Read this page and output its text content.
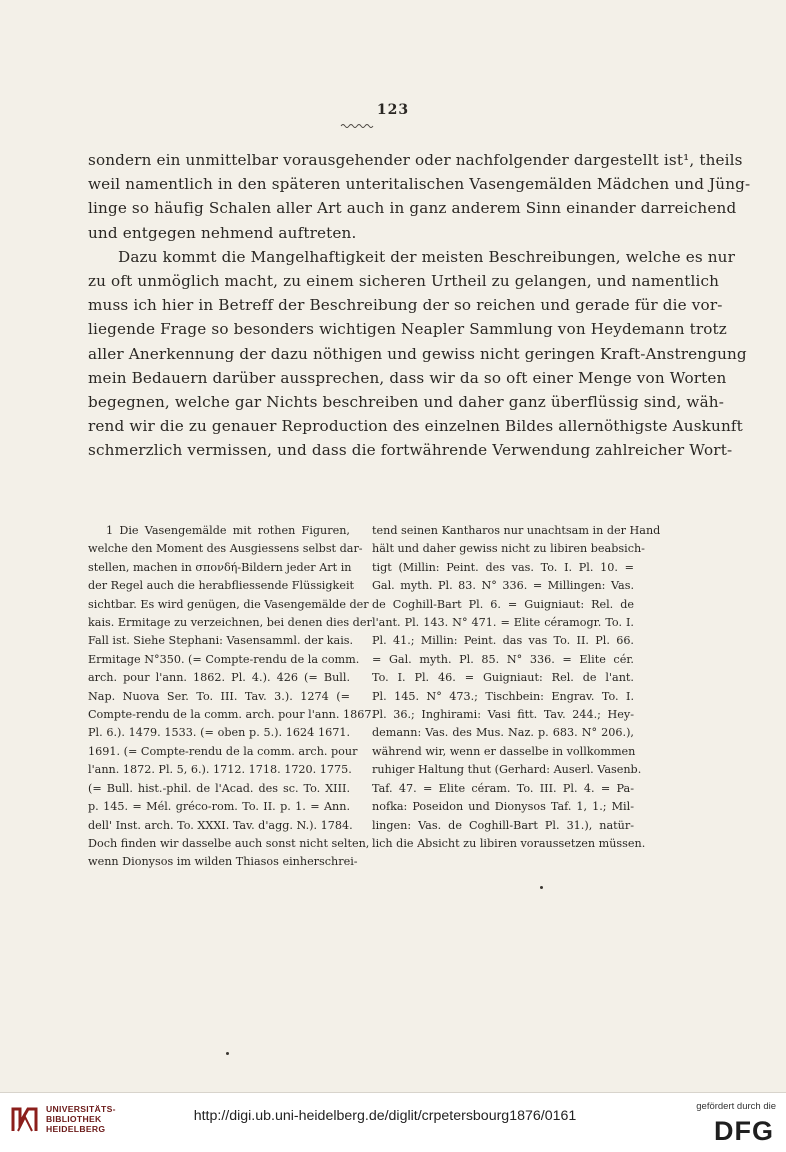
123
sondern ein unmittelbar vorausgehender oder nachfolgender dargestellt ist¹, theils
weil namentlich in den späteren unteritalischen Vasengemälden Mädchen und Jüng-
linge so häufig Schalen aller Art auch in ganz anderem Sinn einander darreichend
und entgegen nehmend auftreten.
Dazu kommt die Mangelhaftigkeit der meisten Beschreibungen, welche es nur
zu oft unmöglich macht, zu einem sicheren Urtheil zu gelangen, und namentlich
muss ich hier in Betreff der Beschreibung der so reichen und gerade für die vor-
liegende Frage so besonders wichtigen Neapler Sammlung von Heydemann trotz
aller Anerkennung der dazu nöthigen und gewiss nicht geringen Kraft-Anstrengung
mein Bedauern darüber aussprechen, dass wir da so oft einer Menge von Worten
begegnen, welche gar Nichts beschreiben und daher ganz überflüssig sind, wäh-
rend wir die zu genauer Reproduction des einzelnen Bildes allernöthigste Auskunft
schmerzlich vermissen, und dass die fortwährende Verwendung zahlreicher Wort-
1 Die Vasengemälde mit rothen Figuren,
welche den Moment des Ausgiessens selbst dar-
stellen, machen in σπονδή-Bildern jeder Art in
der Regel auch die herabfliessende Flüssigkeit
sichtbar. Es wird genügen, die Vasengemälde der
kais. Ermitage zu verzeichnen, bei denen dies der
Fall ist. Siehe Stephani: Vasensamml. der kais.
Ermitage N°350. (= Compte-rendu de la comm.
arch. pour l'ann. 1862. Pl. 4.). 426 (= Bull.
Nap. Nuova Ser. To. III. Tav. 3.). 1274 (=
Compte-rendu de la comm. arch. pour l'ann. 1867.
Pl. 6.). 1479. 1533. (= oben p. 5.). 1624 1671.
1691. (= Compte-rendu de la comm. arch. pour
l'ann. 1872. Pl. 5, 6.). 1712. 1718. 1720. 1775.
(= Bull. hist.-phil. de l'Acad. des sc. To. XIII.
p. 145. = Mél. gréco-rom. To. II. p. 1. = Ann.
dell' Inst. arch. To. XXXI. Tav. d'agg. N.). 1784.
Doch finden wir dasselbe auch sonst nicht selten,
wenn Dionysos im wilden Thiasos einherschrei-
tend seinen Kantharos nur unachtsam in der Hand
hält und daher gewiss nicht zu libiren beabsich-
tigt (Millin: Peint. des vas. To. I. Pl. 10. =
Gal. myth. Pl. 83. N° 336. = Millingen: Vas.
de Coghill-Bart Pl. 6. = Guigniaut: Rel. de
l'ant. Pl. 143. N° 471. = Elite céramogr. To. I.
Pl. 41.; Millin: Peint. das vas To. II. Pl. 66.
= Gal. myth. Pl. 85. N° 336. = Elite cér.
To. I. Pl. 46. = Guigniaut: Rel. de l'ant.
Pl. 145. N° 473.; Tischbein: Engrav. To. I.
Pl. 36.; Inghirami: Vasi fitt. Tav. 244.; Hey-
demann: Vas. des Mus. Naz. p. 683. N° 206.),
während wir, wenn er dasselbe in vollkommen
ruhiger Haltung thut (Gerhard: Auserl. Vasenb.
Taf. 47. = Elite céram. To. III. Pl. 4. = Pa-
nofka: Poseidon und Dionysos Taf. 1, 1.; Mil-
lingen: Vas. de Coghill-Bart Pl. 31.), natür-
lich die Absicht zu libiren voraussetzen müssen.
UNIVERSITÄTS-
BIBLIOTHEK
HEIDELBERG
http://digi.ub.uni-heidelberg.de/diglit/crpetersbourg1876/0161
gefördert durch die
DFG
